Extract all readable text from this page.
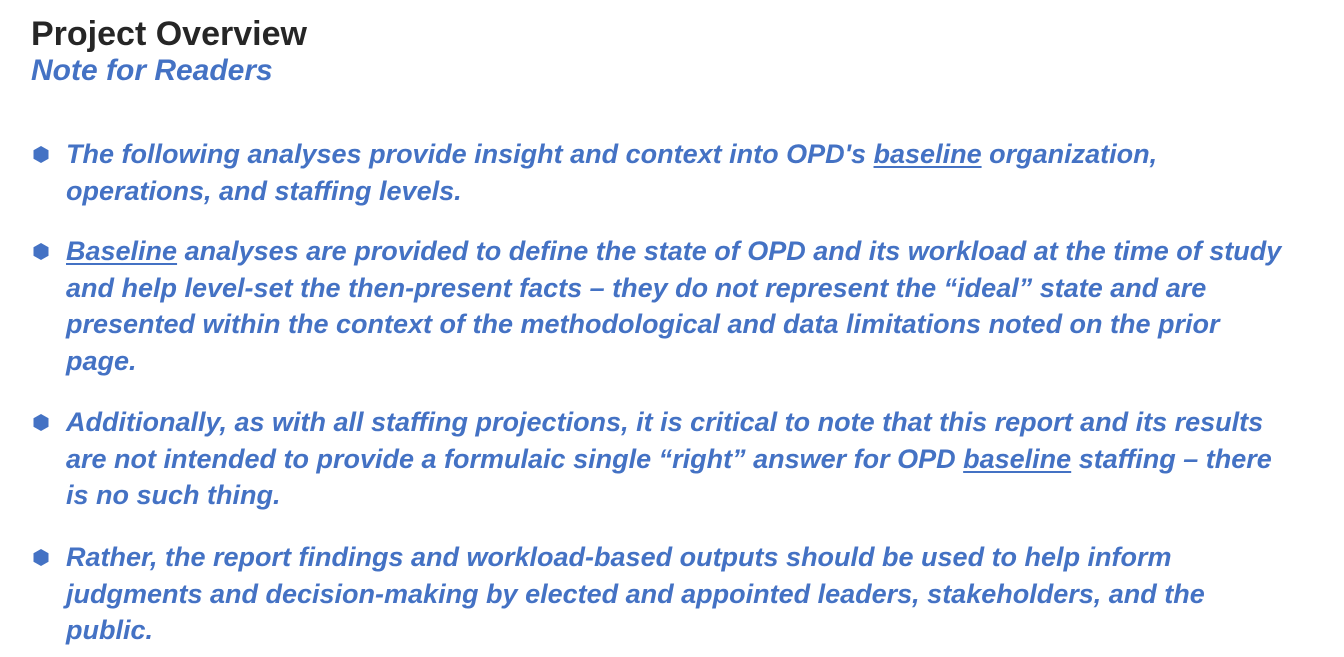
Project Overview
Note for Readers
The following analyses provide insight and context into OPD's baseline organization,
operations, and staffing levels.
Baseline analyses are provided to define the state of OPD and its workload at the time of study
and help level-set the then-present facts – they do not represent the “ideal” state and are
presented within the context of the methodological and data limitations noted on the prior
page.
Additionally, as with all staffing projections, it is critical to note that this report and its results
are not intended to provide a formulaic single “right” answer for OPD baseline staffing – there
is no such thing.
Rather, the report findings and workload-based outputs should be used to help inform
judgments and decision-making by elected and appointed leaders, stakeholders, and the
public.
